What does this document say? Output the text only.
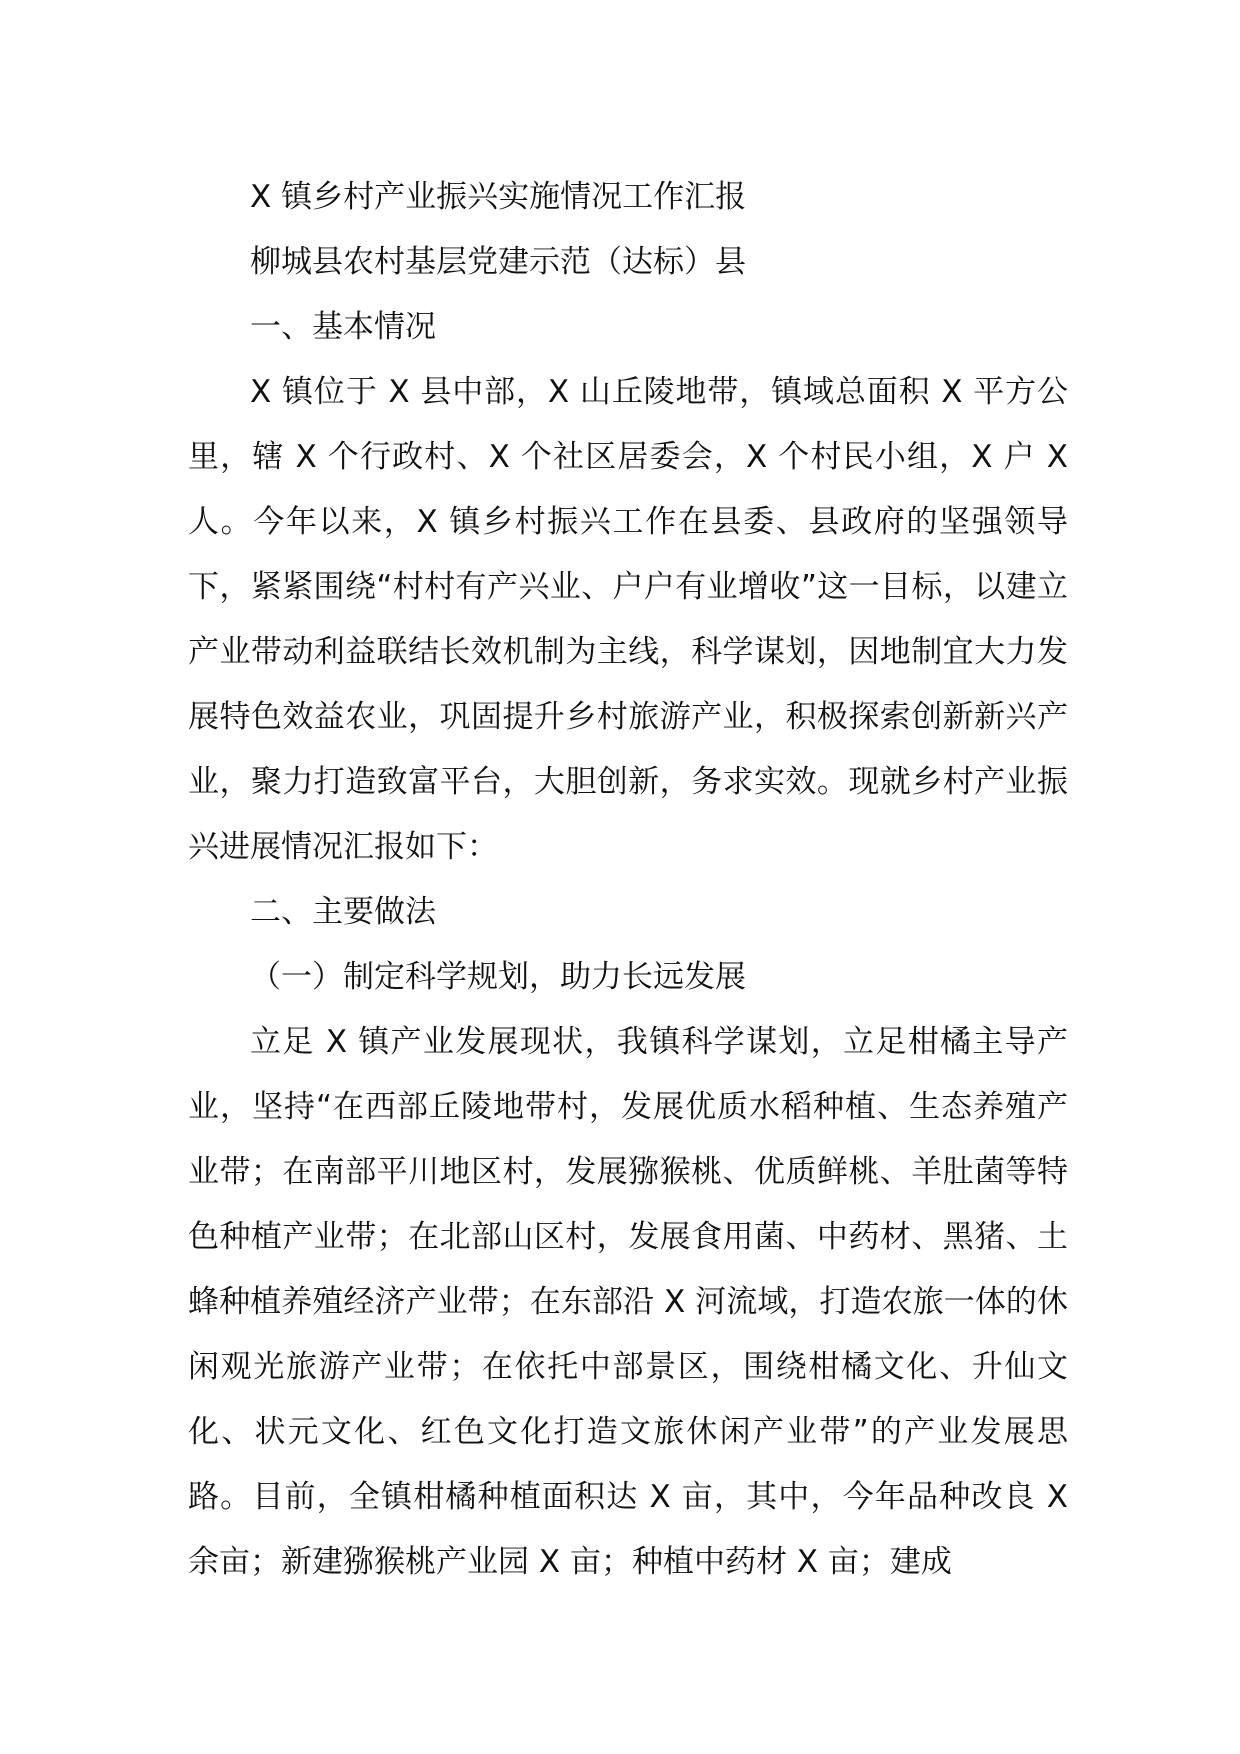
X 镇乡村产业振兴实施情况工作汇报

柳城县农村基层党建示范（达标）县

一、基本情况

X 镇位于 X 县中部，X 山丘陵地带，镇域总面积 X 平方公里，辖 X 个行政村、X 个社区居委会，X 个村民小组，X 户 X 人。今年以来，X 镇乡村振兴工作在县委、县政府的坚强领导下，紧紧围绕“村村有产兴业、户户有业增收”这一目标，以建立产业带动利益联结长效机制为主线，科学谋划，因地制宜大力发展特色效益农业，巩固提升乡村旅游产业，积极探索创新新兴产业，聚力打造致富平台，大胆创新，务求实效。现就乡村产业振兴进展情况汇报如下：

二、主要做法

（一）制定科学规划，助力长远发展

立足 X 镇产业发展现状，我镇科学谋划，立足柑橘主导产业，坚持“在西部丘陵地带村，发展优质水稻种植、生态养殖产业带；在南部平川地区村，发展猕猴桃、优质鲜桃、羊肚菌等特色种植产业带；在北部山区村，发展食用菌、中药材、黑猪、土蜂种植养殖经济产业带；在东部沿 X 河流域，打造农旅一体的休闲观光旅游产业带；在依托中部景区，围绕柑橘文化、升仙文化、状元文化、红色文化打造文旅休闲产业带”的产业发展思路。目前，全镇柑橘种植面积达 X 亩，其中，今年品种改良 X 余亩；新建猕猴桃产业园 X 亩；种植中药材 X 亩；建成
